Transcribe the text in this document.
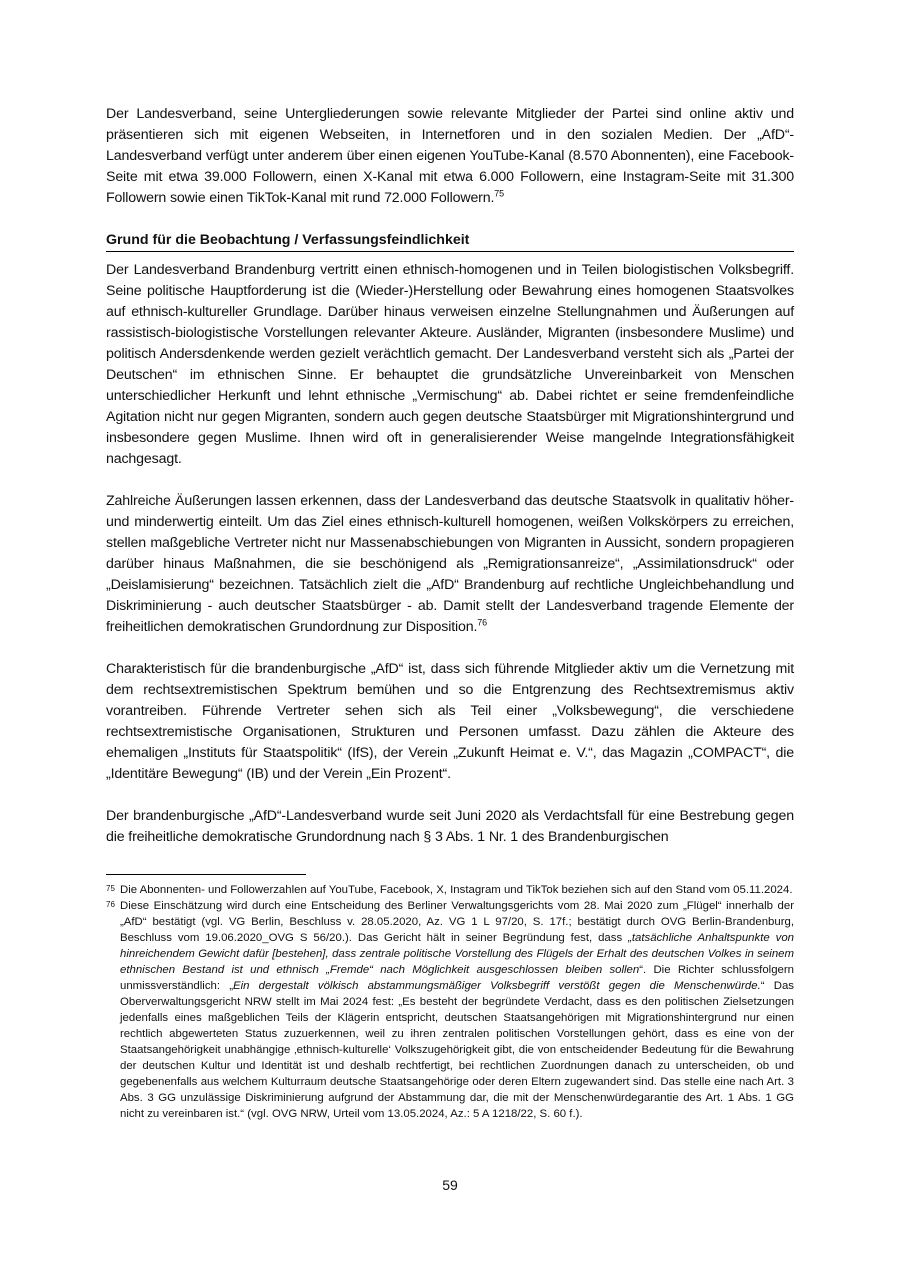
Der Landesverband, seine Untergliederungen sowie relevante Mitglieder der Partei sind online aktiv und präsentieren sich mit eigenen Webseiten, in Internetforen und in den sozialen Medien. Der „AfD“-Landesverband verfügt unter anderem über einen eigenen YouTube-Kanal (8.570 Abonnenten), eine Facebook-Seite mit etwa 39.000 Followern, einen X-Kanal mit etwa 6.000 Followern, eine Instagram-Seite mit 31.300 Followern sowie einen TikTok-Kanal mit rund 72.000 Followern.$^{75}$

Grund für die Beobachtung / Verfassungsfeindlichkeit

Der Landesverband Brandenburg vertritt einen ethnisch-homogenen und in Teilen biologistischen Volksbegriff. Seine politische Hauptforderung ist die (Wieder-)Herstellung oder Bewahrung eines homogenen Staatsvolkes auf ethnisch-kultureller Grundlage. Darüber hinaus verweisen einzelne Stellungnahmen und Äußerungen auf rassistisch-biologistische Vorstellungen relevanter Akteure. Ausländer, Migranten (insbesondere Muslime) und politisch Andersdenkende werden gezielt verächtlich gemacht. Der Landesverband versteht sich als „Partei der Deutschen“ im ethnischen Sinne. Er behauptet die grundsätzliche Unvereinbarkeit von Menschen unterschiedlicher Herkunft und lehnt ethnische „Vermischung“ ab. Dabei richtet er seine fremdenfeindliche Agitation nicht nur gegen Migranten, sondern auch gegen deutsche Staatsbürger mit Migrationshintergrund und insbesondere gegen Muslime. Ihnen wird oft in generalisierender Weise mangelnde Integrationsfähigkeit nachgesagt.

Zahlreiche Äußerungen lassen erkennen, dass der Landesverband das deutsche Staatsvolk in qualitativ höher- und minderwertig einteilt. Um das Ziel eines ethnisch-kulturell homogenen, weißen Volkskörpers zu erreichen, stellen maßgebliche Vertreter nicht nur Massenabschiebungen von Migranten in Aussicht, sondern propagieren darüber hinaus Maßnahmen, die sie beschönigend als „Remigrationsanreize“, „Assimilationsdruck“ oder „Deislamisierung“ bezeichnen. Tatsächlich zielt die „AfD“ Brandenburg auf rechtliche Ungleichbehandlung und Diskriminierung - auch deutscher Staatsbürger - ab. Damit stellt der Landesverband tragende Elemente der freiheitlichen demokratischen Grundordnung zur Disposition.$^{76}$

Charakteristisch für die brandenburgische „AfD“ ist, dass sich führende Mitglieder aktiv um die Vernetzung mit dem rechtsextremistischen Spektrum bemühen und so die Entgrenzung des Rechtsextremismus aktiv vorantreiben. Führende Vertreter sehen sich als Teil einer „Volksbewegung“, die verschiedene rechtsextremistische Organisationen, Strukturen und Personen umfasst. Dazu zählen die Akteure des ehemaligen „Instituts für Staatspolitik“ (IfS), der Verein „Zukunft Heimat e. V.“, das Magazin „COMPACT“, die „Identitäre Bewegung“ (IB) und der Verein „Ein Prozent“.

Der brandenburgische „AfD“-Landesverband wurde seit Juni 2020 als Verdachtsfall für eine Bestrebung gegen die freiheitliche demokratische Grundordnung nach § 3 Abs. 1 Nr. 1 des Brandenburgischen

75 Die Abonnenten- und Followerzahlen auf YouTube, Facebook, X, Instagram und TikTok beziehen sich auf den Stand vom 05.11.2024.
76 Diese Einschätzung wird durch eine Entscheidung des Berliner Verwaltungsgerichts vom 28. Mai 2020 zum „Flügel“ innerhalb der „AfD“ bestätigt (vgl. VG Berlin, Beschluss v. 28.05.2020, Az. VG 1 L 97/20, S. 17f.; bestätigt durch OVG Berlin-Brandenburg, Beschluss vom 19.06.2020_OVG S 56/20.). Das Gericht hält in seiner Begründung fest, dass „tatsächliche Anhaltspunkte von hinreichendem Gewicht dafür [bestehen], dass zentrale politische Vorstellung des Flügels der Erhalt des deutschen Volkes in seinem ethnischen Bestand ist und ethnisch „Fremde“ nach Möglichkeit ausgeschlossen bleiben sollen“. Die Richter schlussfolgern unmissverständlich: „Ein dergestalt völkisch abstammungsmäßiger Volksbegriff verstößt gegen die Menschenwürde.“ Das Oberverwaltungsgericht NRW stellt im Mai 2024 fest: „Es besteht der begründete Verdacht, dass es den politischen Zielsetzungen jedenfalls eines maßgeblichen Teils der Klägerin entspricht, deutschen Staatsangehörigen mit Migrationshintergrund nur einen rechtlich abgewerteten Status zuzuerkennen, weil zu ihren zentralen politischen Vorstellungen gehört, dass es eine von der Staatsangehörigkeit unabhängige ‚ethnisch-kulturelle‘ Volkszugehörigkeit gibt, die von entscheidender Bedeutung für die Bewahrung der deutschen Kultur und Identität ist und deshalb rechtfertigt, bei rechtlichen Zuordnungen danach zu unterscheiden, ob und gegebenenfalls aus welchem Kulturraum deutsche Staatsangehörige oder deren Eltern zugewandert sind. Das stelle eine nach Art. 3 Abs. 3 GG unzulässige Diskriminierung aufgrund der Abstammung dar, die mit der Menschenwürdegarantie des Art. 1 Abs. 1 GG nicht zu vereinbaren ist.“ (vgl. OVG NRW, Urteil vom 13.05.2024, Az.: 5 A 1218/22, S. 60 f.).
59
